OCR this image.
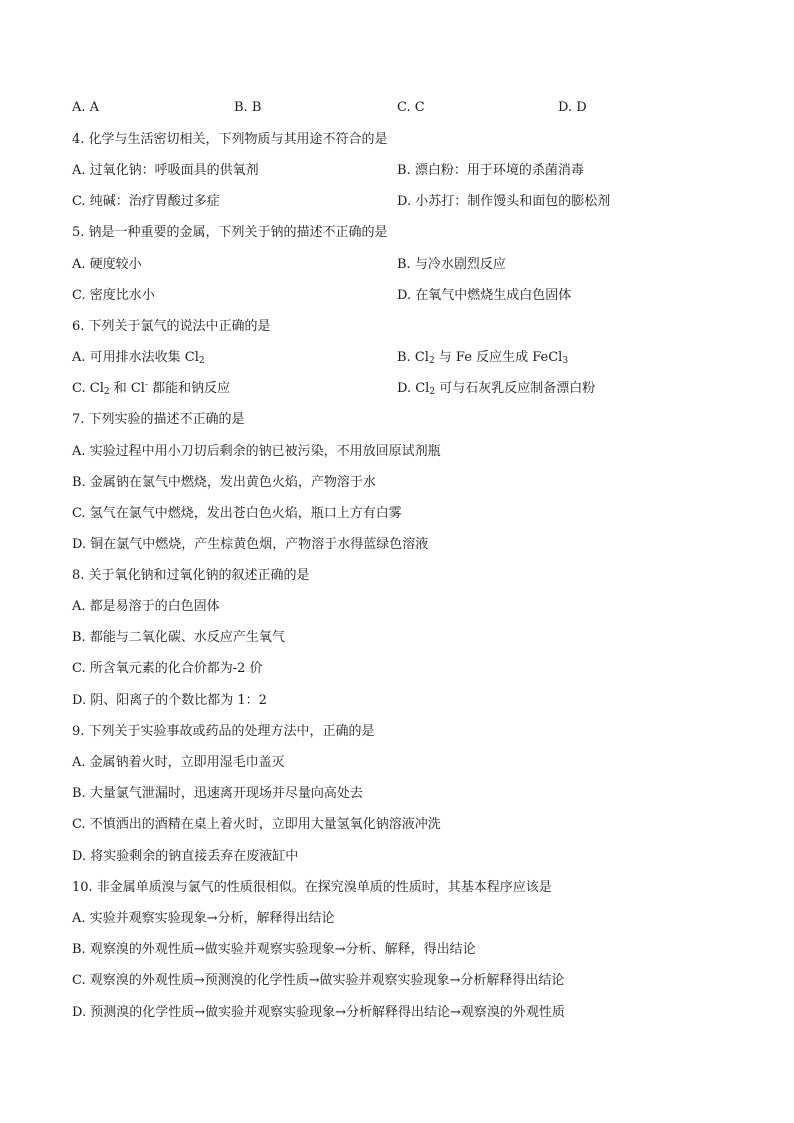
A. A	B. B	C. C	D. D
4. 化学与生活密切相关，下列物质与其用途不符合的是
A. 过氧化钠：呼吸面具的供氧剂	B. 漂白粉：用于环境的杀菌消毒
C. 纯碱：治疗胃酸过多症	D. 小苏打：制作馒头和面包的膨松剂
5. 钠是一种重要的金属，下列关于钠的描述不正确的是
A. 硬度较小	B. 与冷水剧烈反应
C. 密度比水小	D. 在氧气中燃烧生成白色固体
6. 下列关于氯气的说法中正确的是
A. 可用排水法收集 $Cl_2$	B. $Cl_2$ 与 Fe 反应生成 FeCl$_3$
C. $Cl_2$ 和 Cl- 都能和钠反应	D. $Cl_2$ 可与石灰乳反应制备漂白粉
7. 下列实验的描述不正确的是
A. 实验过程中用小刀切后剩余的钠已被污染，不用放回原试剂瓶
B. 金属钠在氯气中燃烧，发出黄色火焰，产物溶于水
C. 氢气在氯气中燃烧，发出苍白色火焰，瓶口上方有白雾
D. 铜在氯气中燃烧，产生棕黄色烟，产物溶于水得蓝绿色溶液
8. 关于氧化钠和过氧化钠的叙述正确的是
A. 都是易溶于的白色固体
B. 都能与二氧化碳、水反应产生氧气
C. 所含氧元素的化合价都为-2 价
D. 阴、阳离子的个数比都为 1：2
9. 下列关于实验事故或药品的处理方法中，正确的是
A. 金属钠着火时，立即用湿毛巾盖灭
B. 大量氯气泄漏时，迅速离开现场并尽量向高处去
C. 不慎洒出的酒精在桌上着火时，立即用大量氢氧化钠溶液冲洗
D. 将实验剩余的钠直接丢弃在废液缸中
10. 非金属单质溴与氯气的性质很相似。在探究溴单质的性质时，其基本程序应该是
A. 实验并观察实验现象→分析，解释得出结论
B. 观察溴的外观性质→做实验并观察实验现象→分析、解释，得出结论
C. 观察溴的外观性质→预测溴的化学性质→做实验并观察实验现象→分析解释得出结论
D. 预测溴的化学性质→做实验并观察实验现象→分析解释得出结论→观察溴的外观性质
